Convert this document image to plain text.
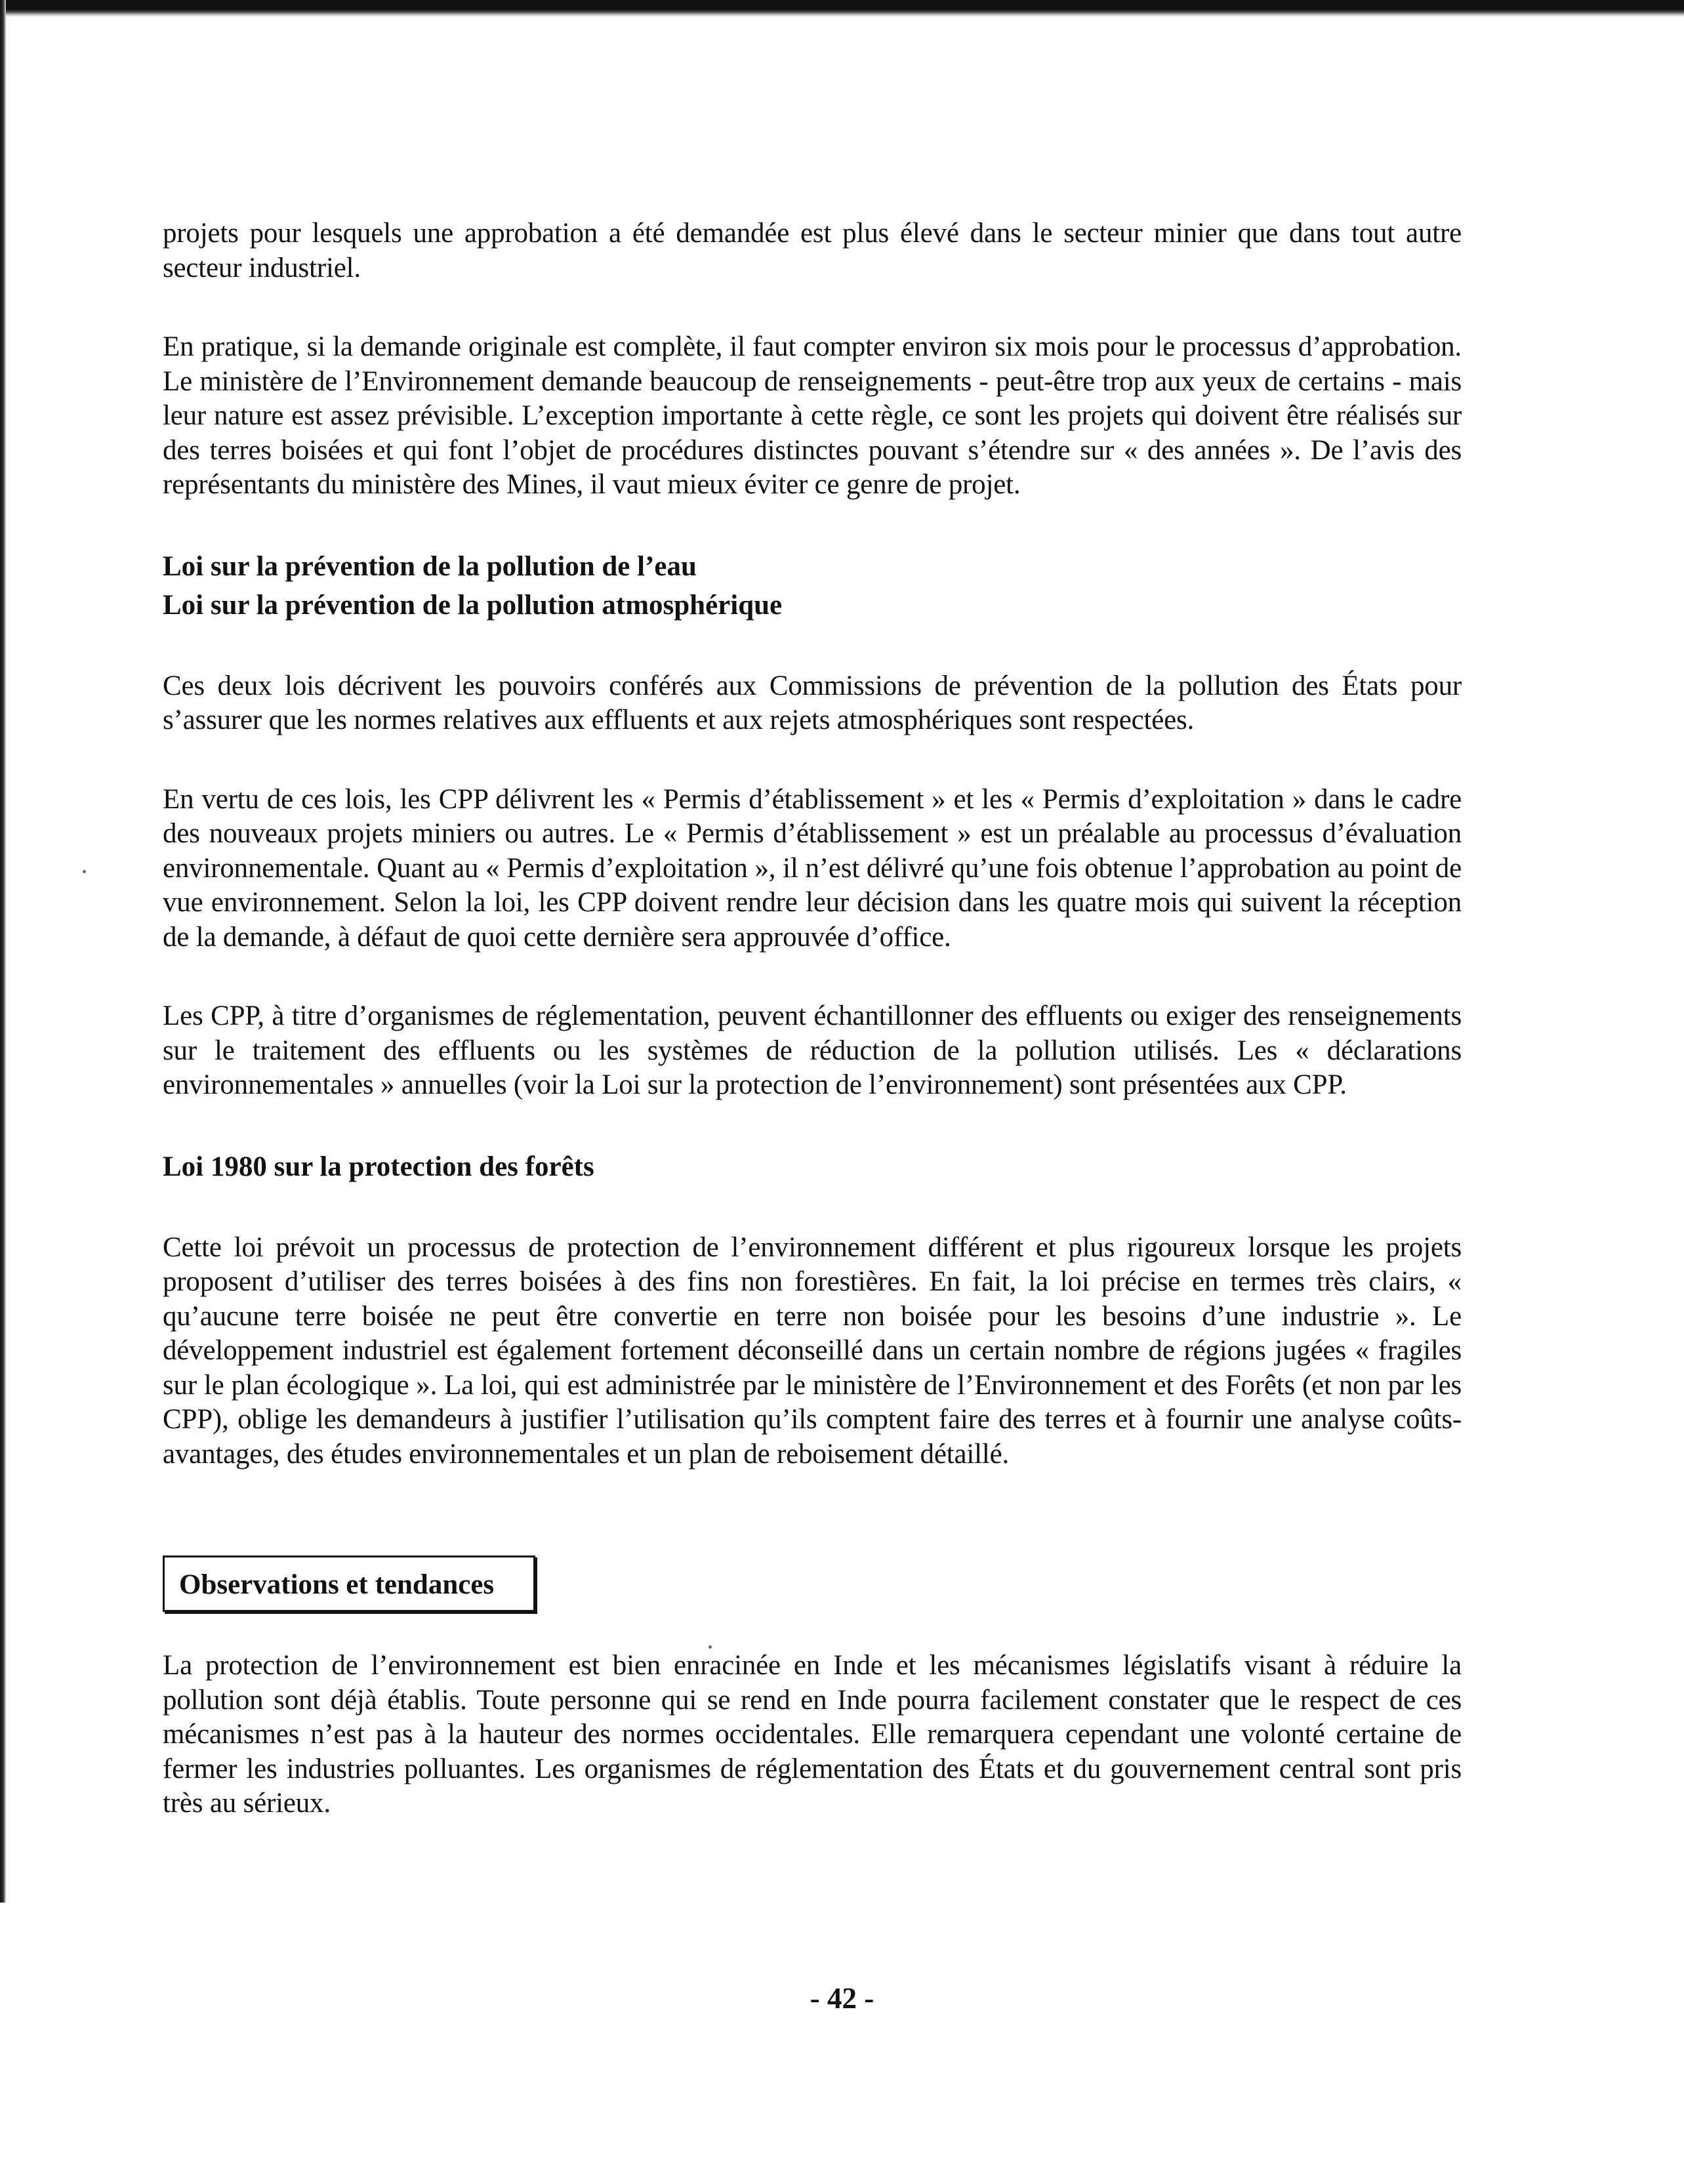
projets pour lesquels une approbation a été demandée est plus élevé dans le secteur minier que dans tout autre secteur industriel.

En pratique, si la demande originale est complète, il faut compter environ six mois pour le processus d’approbation. Le ministère de l’Environnement demande beaucoup de renseignements - peut-être trop aux yeux de certains - mais leur nature est assez prévisible. L’exception importante à cette règle, ce sont les projets qui doivent être réalisés sur des terres boisées et qui font l’objet de procédures distinctes pouvant s’étendre sur « des années ». De l’avis des représentants du ministère des Mines, il vaut mieux éviter ce genre de projet.

Loi sur la prévention de la pollution de l’eau
Loi sur la prévention de la pollution atmosphérique

Ces deux lois décrivent les pouvoirs conférés aux Commissions de prévention de la pollution des États pour s’assurer que les normes relatives aux effluents et aux rejets atmosphériques sont respectées.

En vertu de ces lois, les CPP délivrent les « Permis d’établissement » et les « Permis d’exploitation » dans le cadre des nouveaux projets miniers ou autres. Le « Permis d’établissement » est un préalable au processus d’évaluation environnementale. Quant au « Permis d’exploitation », il n’est délivré qu’une fois obtenue l’approbation au point de vue environnement. Selon la loi, les CPP doivent rendre leur décision dans les quatre mois qui suivent la réception de la demande, à défaut de quoi cette dernière sera approuvée d’office.

Les CPP, à titre d’organismes de réglementation, peuvent échantillonner des effluents ou exiger des renseignements sur le traitement des effluents ou les systèmes de réduction de la pollution utilisés. Les « déclarations environnementales » annuelles (voir la Loi sur la protection de l’environnement) sont présentées aux CPP.

Loi 1980 sur la protection des forêts

Cette loi prévoit un processus de protection de l’environnement différent et plus rigoureux lorsque les projets proposent d’utiliser des terres boisées à des fins non forestières. En fait, la loi précise en termes très clairs, « qu’aucune terre boisée ne peut être convertie en terre non boisée pour les besoins d’une industrie ». Le développement industriel est également fortement déconseillé dans un certain nombre de régions jugées « fragiles sur le plan écologique ». La loi, qui est administrée par le ministère de l’Environnement et des Forêts (et non par les CPP), oblige les demandeurs à justifier l’utilisation qu’ils comptent faire des terres et à fournir une analyse coûts-avantages, des études environnementales et un plan de reboisement détaillé.

Observations et tendances

La protection de l’environnement est bien enracinée en Inde et les mécanismes législatifs visant à réduire la pollution sont déjà établis. Toute personne qui se rend en Inde pourra facilement constater que le respect de ces mécanismes n’est pas à la hauteur des normes occidentales. Elle remarquera cependant une volonté certaine de fermer les industries polluantes. Les organismes de réglementation des États et du gouvernement central sont pris très au sérieux.

- 42 -
